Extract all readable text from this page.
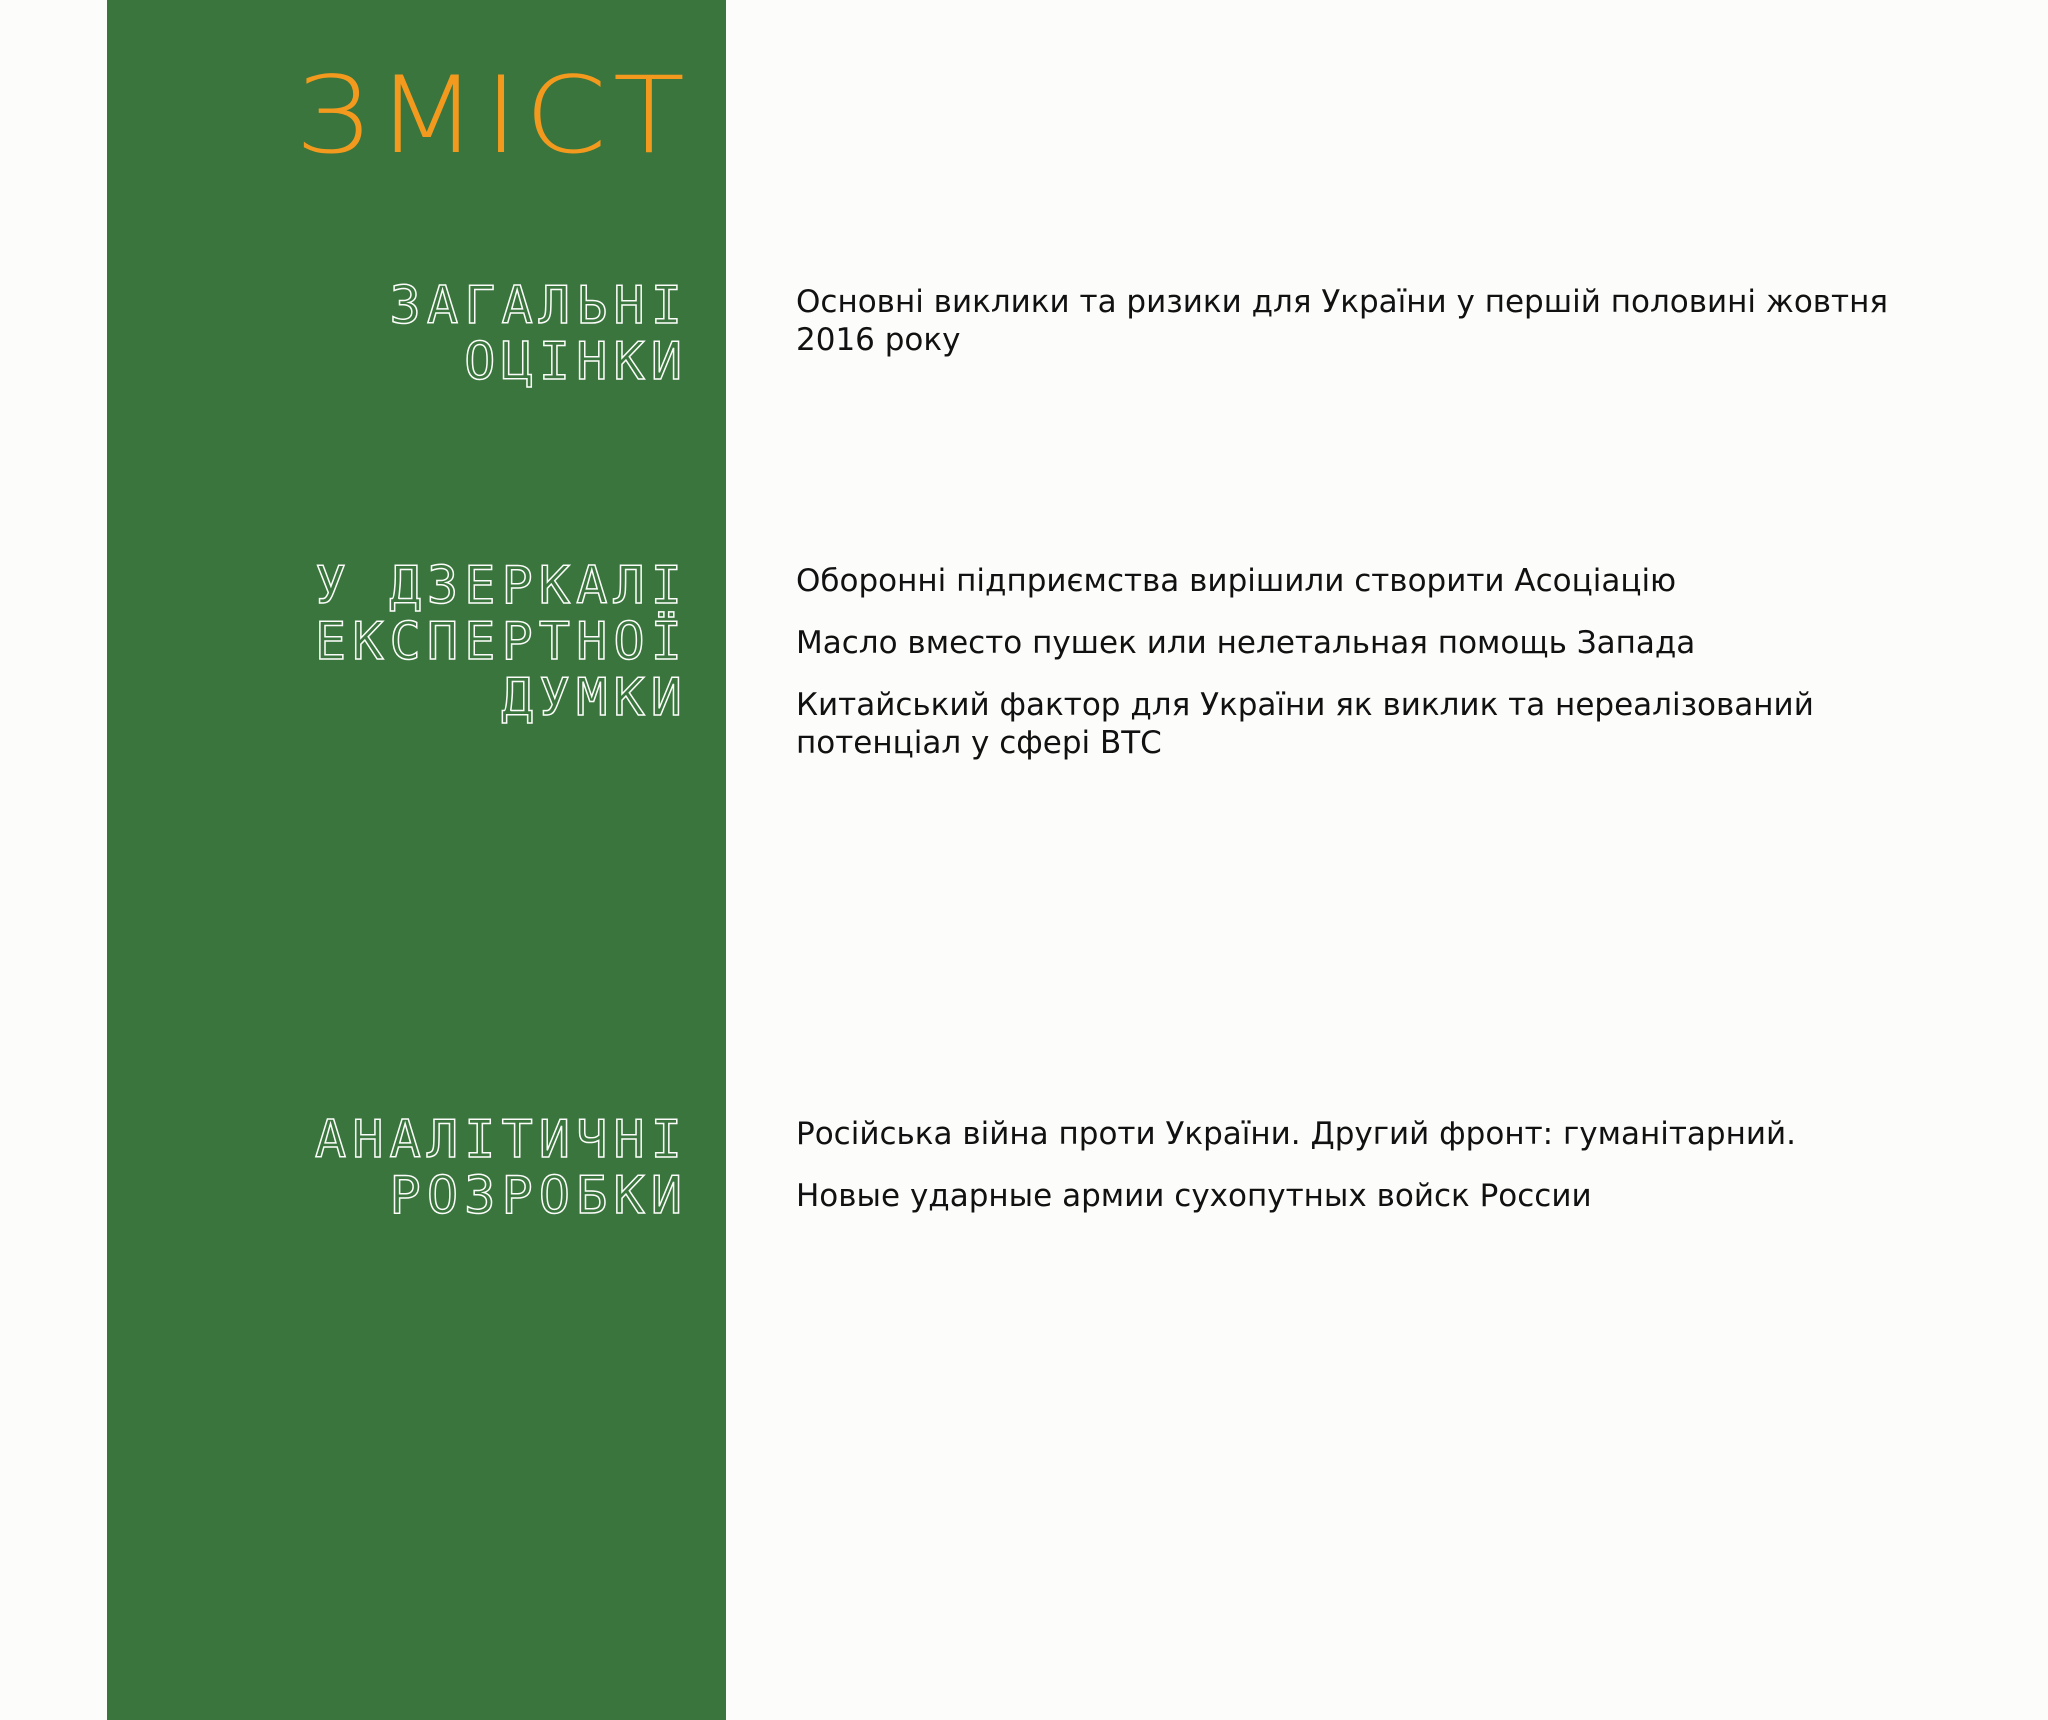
ЗМІСТ
ЗАГАЛЬНІ
ОЦІНКИ
Основні виклики та ризики для України у першій половині жовтня 2016 року
У ДЗЕРКАЛІ
ЕКСПЕРТНОЇ
ДУМКИ
Оборонні підприємства вирішили створити Асоціацію
Масло вместо пушек или нелетальная помощь Запада
Китайський фактор для України як виклик та нереалізований потенціал у сфері ВТС
АНАЛІТИЧНІ
РОЗРОБКИ
Російська війна проти України. Другий фронт: гуманітарний.
Новые ударные армии сухопутных войск России
